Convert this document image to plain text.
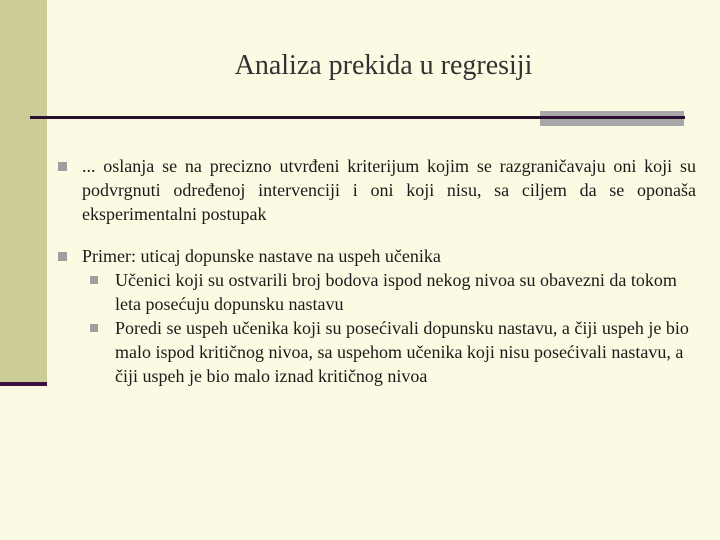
Analiza prekida u regresiji
... oslanja se na precizno utvrđeni kriterijum kojim se razgraničavaju oni koji su podvrgnuti određenoj intervenciji i oni koji nisu, sa ciljem da se oponaša eksperimentalni postupak
Primer: uticaj dopunske nastave na uspeh učenika
Učenici koji su ostvarili broj bodova ispod nekog nivoa su obavezni da tokom leta posećuju dopunsku nastavu
Poredi se uspeh učenika koji su posećivali dopunsku nastavu, a čiji uspeh je bio malo ispod kritičnog nivoa, sa uspehom učenika koji nisu posećivali nastavu, a čiji uspeh je bio malo iznad kritičnog nivoa
